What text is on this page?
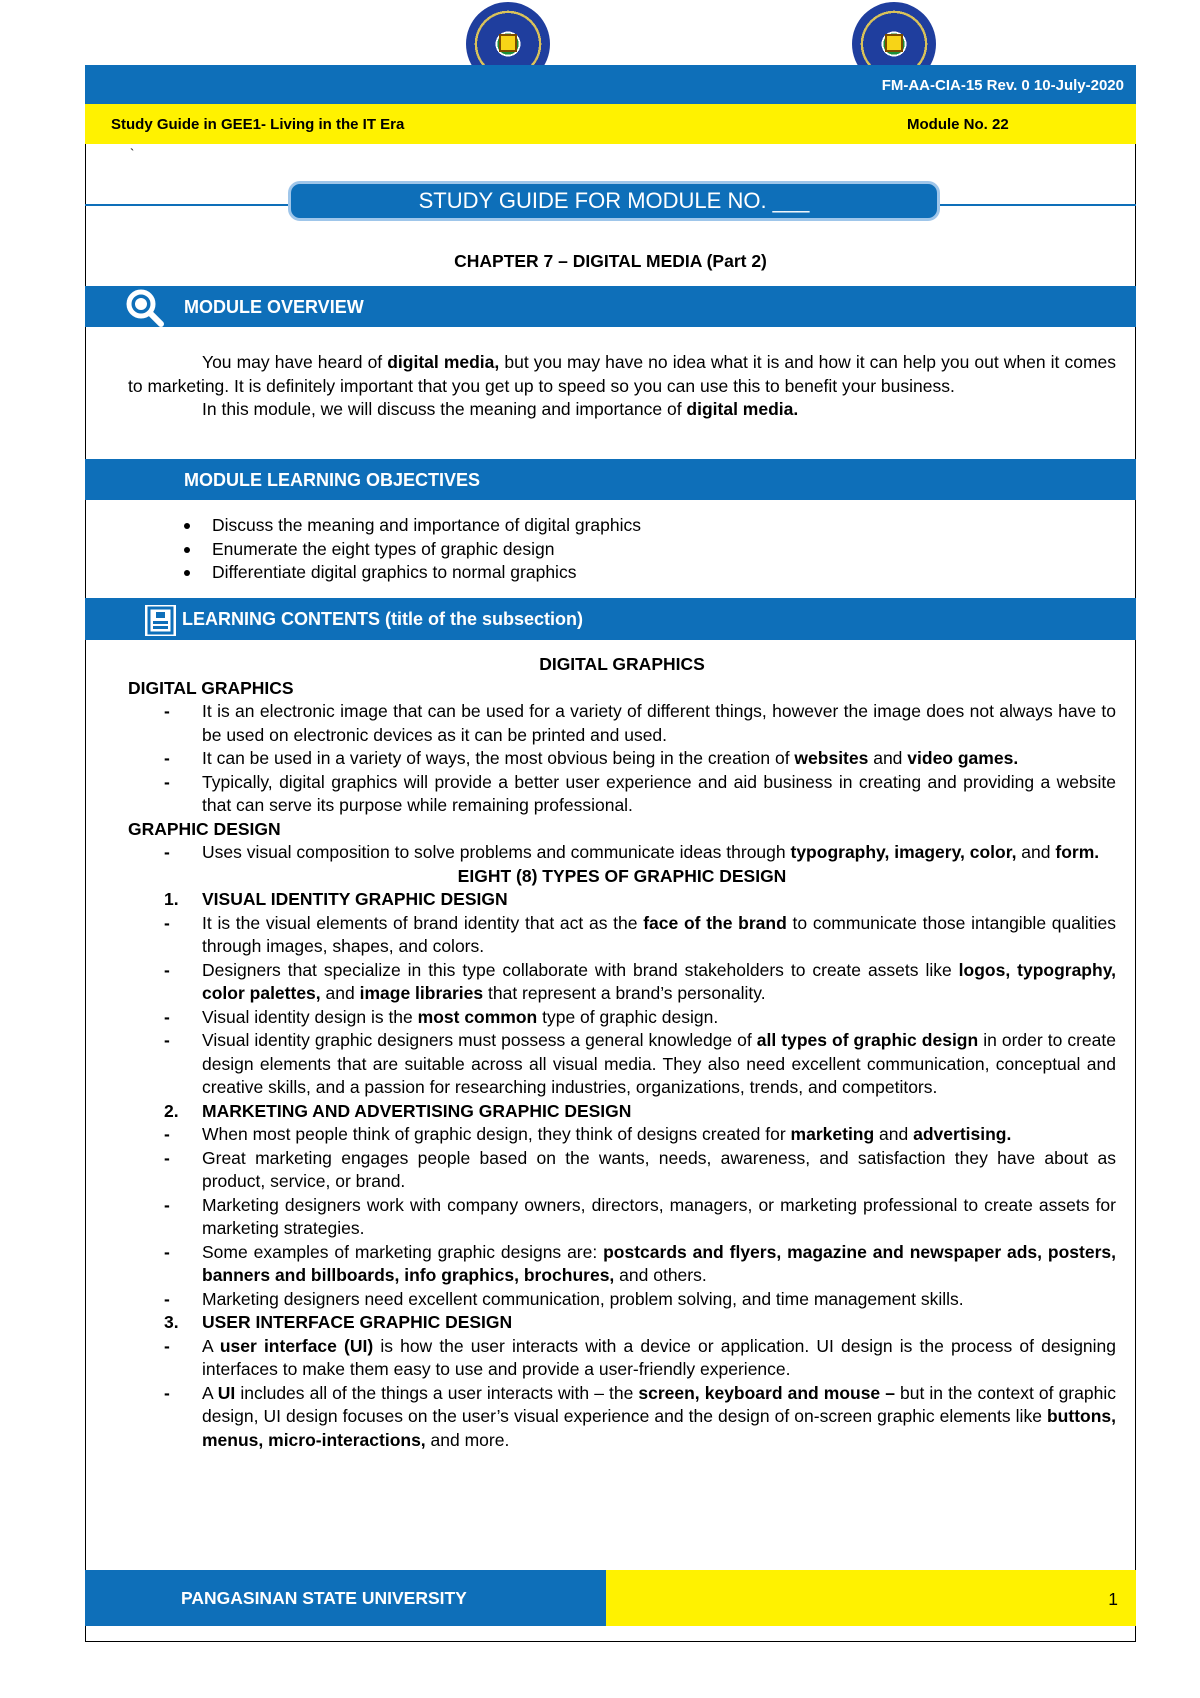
FM-AA-CIA-15 Rev. 0 10-July-2020
Study Guide in GEE1- Living in the IT Era	Module No. 22
`
STUDY GUIDE FOR MODULE NO. ___
CHAPTER 7 – DIGITAL MEDIA (Part 2)
MODULE OVERVIEW

You may have heard of digital media, but you may have no idea what it is and how it can help you out when it comes to marketing. It is definitely important that you get up to speed so you can use this to benefit your business.

In this module, we will discuss the meaning and importance of digital media.

MODULE LEARNING OBJECTIVES
Discuss the meaning and importance of digital graphics
Enumerate the eight types of graphic design
Differentiate digital graphics to normal graphics
LEARNING CONTENTS (title of the subsection)

DIGITAL GRAPHICS

DIGITAL GRAPHICS

- It is an electronic image that can be used for a variety of different things, however the image does not always have to be used on electronic devices as it can be printed and used.
- It can be used in a variety of ways, the most obvious being in the creation of websites and video games.
- Typically, digital graphics will provide a better user experience and aid business in creating and providing a website that can serve its purpose while remaining professional.

GRAPHIC DESIGN

- Uses visual composition to solve problems and communicate ideas through typography, imagery, color, and form.

EIGHT (8) TYPES OF GRAPHIC DESIGN

1. VISUAL IDENTITY GRAPHIC DESIGN
- It is the visual elements of brand identity that act as the face of the brand to communicate those intangible qualities through images, shapes, and colors.
- Designers that specialize in this type collaborate with brand stakeholders to create assets like logos, typography, color palettes, and image libraries that represent a brand’s personality.
- Visual identity design is the most common type of graphic design.
- Visual identity graphic designers must possess a general knowledge of all types of graphic design in order to create design elements that are suitable across all visual media. They also need excellent communication, conceptual and creative skills, and a passion for researching industries, organizations, trends, and competitors.
2. MARKETING AND ADVERTISING GRAPHIC DESIGN
- When most people think of graphic design, they think of designs created for marketing and advertising.
- Great marketing engages people based on the wants, needs, awareness, and satisfaction they have about as product, service, or brand.
- Marketing designers work with company owners, directors, managers, or marketing professional to create assets for marketing strategies.
- Some examples of marketing graphic designs are: postcards and flyers, magazine and newspaper ads, posters, banners and billboards, info graphics, brochures, and others.
- Marketing designers need excellent communication, problem solving, and time management skills.
3. USER INTERFACE GRAPHIC DESIGN
- A user interface (UI) is how the user interacts with a device or application. UI design is the process of designing interfaces to make them easy to use and provide a user-friendly experience.
- A UI includes all of the things a user interacts with – the screen, keyboard and mouse – but in the context of graphic design, UI design focuses on the user’s visual experience and the design of on-screen graphic elements like buttons, menus, micro-interactions, and more.
PANGASINAN STATE UNIVERSITY	1
